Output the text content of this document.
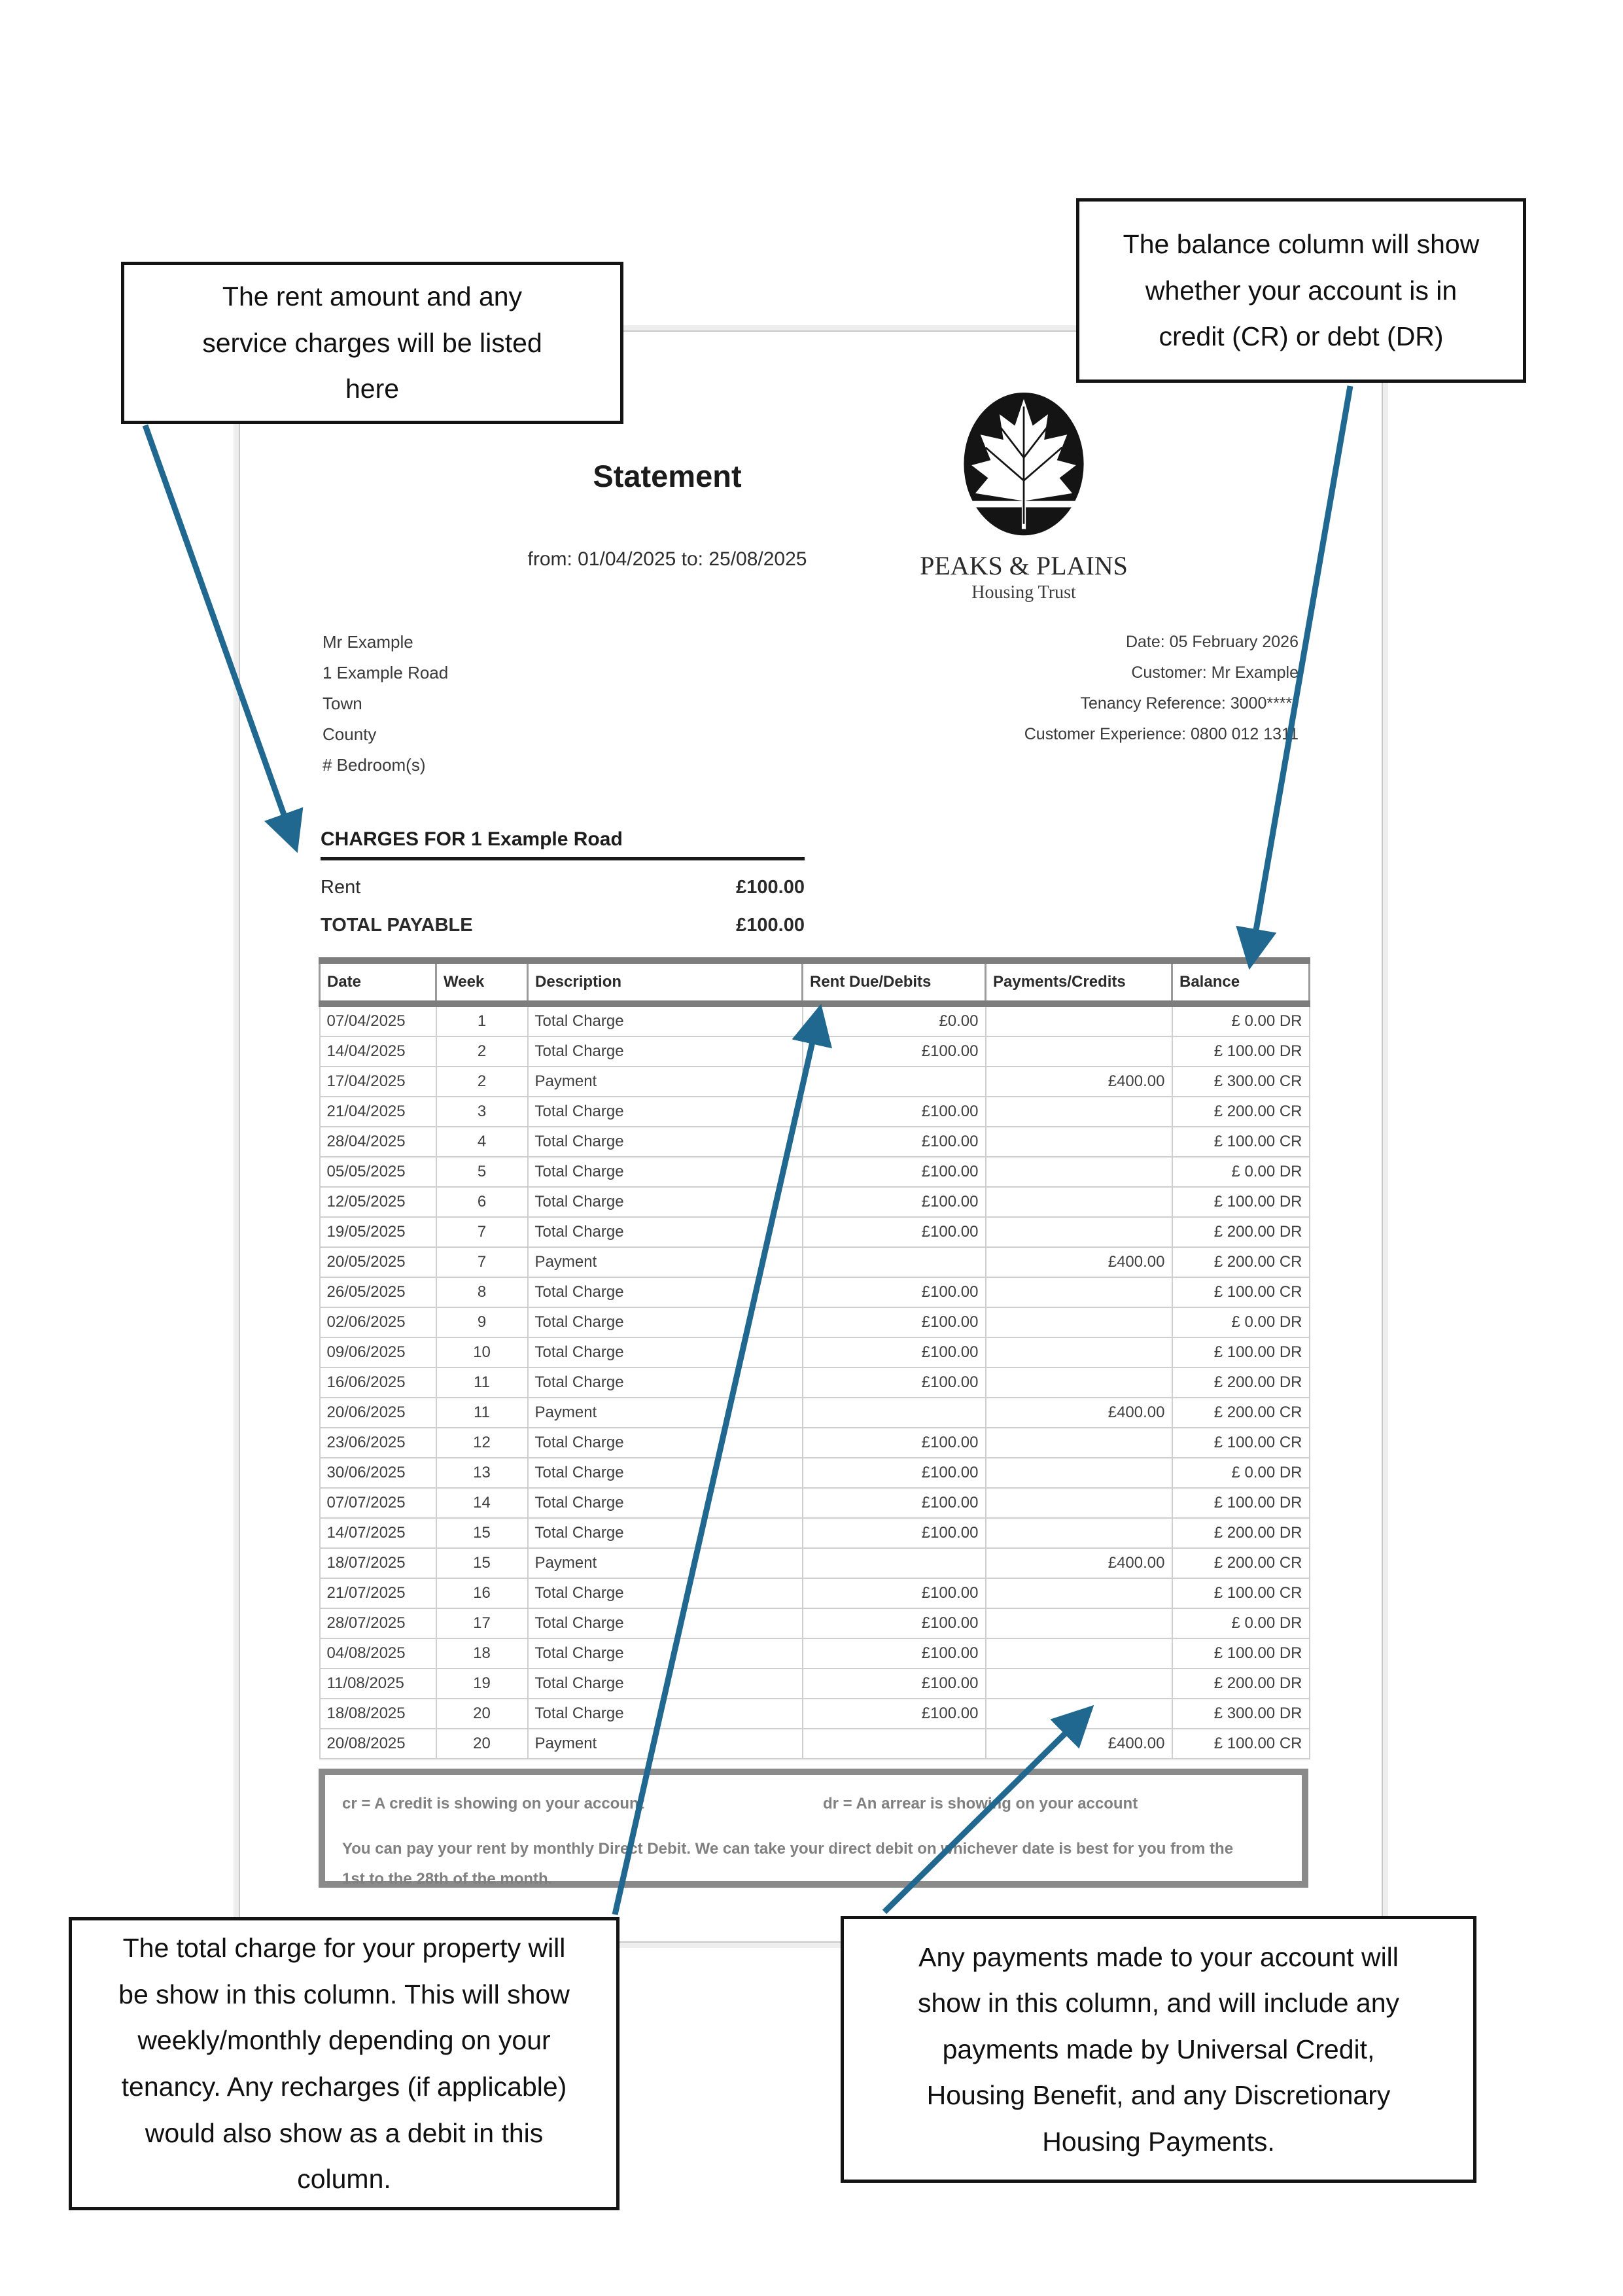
Statement
from: 01/04/2025 to: 25/08/2025	PEAKS & PLAINS
Housing Trust
Mr Example
1 Example Road
Town
County
# Bedroom(s)
Date: 05 February 2026
Customer: Mr Example
Tenancy Reference: 3000*****
Customer Experience: 0800 012 1311
CHARGES FOR 1 Example Road
Rent	£100.00
TOTAL PAYABLE	£100.00
Date	Week	Description	Rent Due/Debits	Payments/Credits	Balance
07/04/2025	1	Total Charge	£0.00		£ 0.00 DR
14/04/2025	2	Total Charge	£100.00		£ 100.00 DR
17/04/2025	2	Payment		£400.00	£ 300.00 CR
21/04/2025	3	Total Charge	£100.00		£ 200.00 CR
28/04/2025	4	Total Charge	£100.00		£ 100.00 CR
05/05/2025	5	Total Charge	£100.00		£ 0.00 DR
12/05/2025	6	Total Charge	£100.00		£ 100.00 DR
19/05/2025	7	Total Charge	£100.00		£ 200.00 DR
20/05/2025	7	Payment		£400.00	£ 200.00 CR
26/05/2025	8	Total Charge	£100.00		£ 100.00 CR
02/06/2025	9	Total Charge	£100.00		£ 0.00 DR
09/06/2025	10	Total Charge	£100.00		£ 100.00 DR
16/06/2025	11	Total Charge	£100.00		£ 200.00 DR
20/06/2025	11	Payment		£400.00	£ 200.00 CR
23/06/2025	12	Total Charge	£100.00		£ 100.00 CR
30/06/2025	13	Total Charge	£100.00		£ 0.00 DR
07/07/2025	14	Total Charge	£100.00		£ 100.00 DR
14/07/2025	15	Total Charge	£100.00		£ 200.00 DR
18/07/2025	15	Payment		£400.00	£ 200.00 CR
21/07/2025	16	Total Charge	£100.00		£ 100.00 CR
28/07/2025	17	Total Charge	£100.00		£ 0.00 DR
04/08/2025	18	Total Charge	£100.00		£ 100.00 DR
11/08/2025	19	Total Charge	£100.00		£ 200.00 DR
18/08/2025	20	Total Charge	£100.00		£ 300.00 DR
20/08/2025	20	Payment		£400.00	£ 100.00 CR
cr = A credit is showing on your account	dr = An arrear is showing on your account
You can pay your rent by monthly Direct Debit. We can take your direct debit on whichever date is best for you from the 1st to the 28th of the month.
The rent amount and any service charges will be listed here
The balance column will show whether your account is in credit (CR) or debt (DR)
The total charge for your property will be show in this column. This will show weekly/monthly depending on your tenancy. Any recharges (if applicable) would also show as a debit in this column.
Any payments made to your account will show in this column, and will include any payments made by Universal Credit, Housing Benefit, and any Discretionary Housing Payments.
